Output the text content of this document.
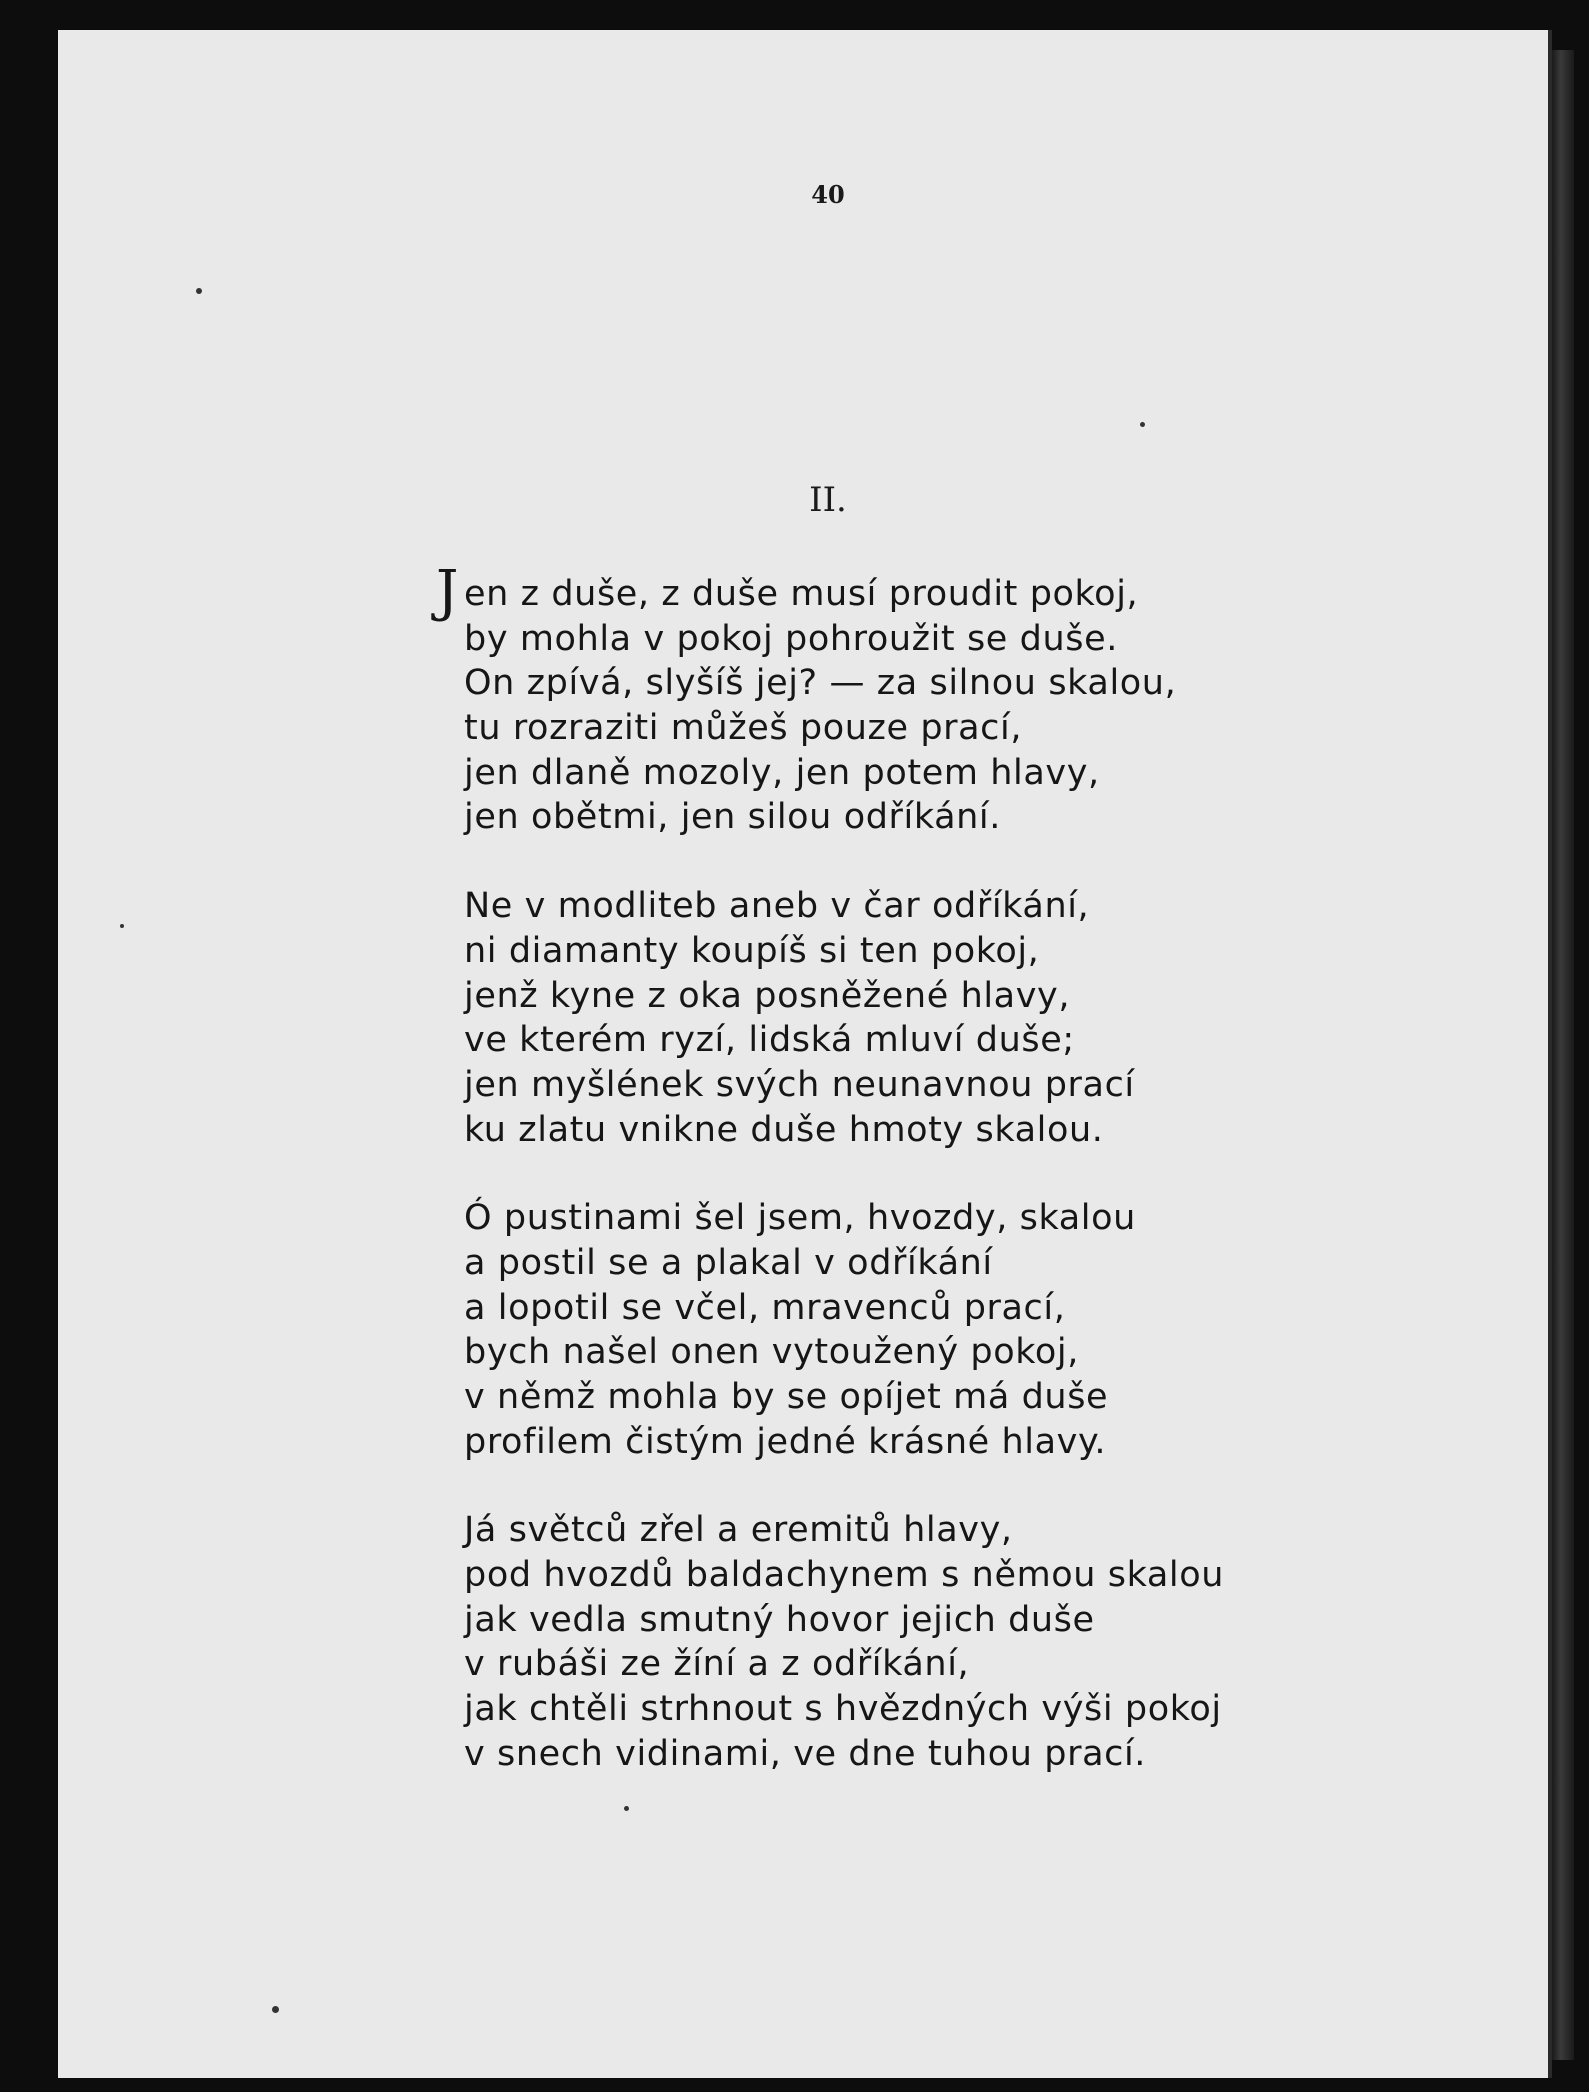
40
II.
J en z duše, z duše musí proudit pokoj,
by mohla v pokoj pohroužit se duše.
On zpívá, slyšíš jej? — za silnou skalou,
tu rozraziti můžeš pouze prací,
jen dlaně mozoly, jen potem hlavy,
jen obětmi, jen silou odříkání.
Ne v modliteb aneb v čar odříkání,
ni diamanty koupíš si ten pokoj,
jenž kyne z oka posněžené hlavy,
ve kterém ryzí, lidská mluví duše;
jen myšlének svých neunavnou prací
ku zlatu vnikne duše hmoty skalou.
Ó pustinami šel jsem, hvozdy, skalou
a postil se a plakal v odříkání
a lopotil se včel, mravenců prací,
bych našel onen vytoužený pokoj,
v němž mohla by se opíjet má duše
profilem čistým jedné krásné hlavy.
Já světců zřel a eremitů hlavy,
pod hvozdů baldachynem s němou skalou
jak vedla smutný hovor jejich duše
v rubáši ze žíní a z odříkání,
jak chtěli strhnout s hvězdných výši pokoj
v snech vidinami, ve dne tuhou prací.
